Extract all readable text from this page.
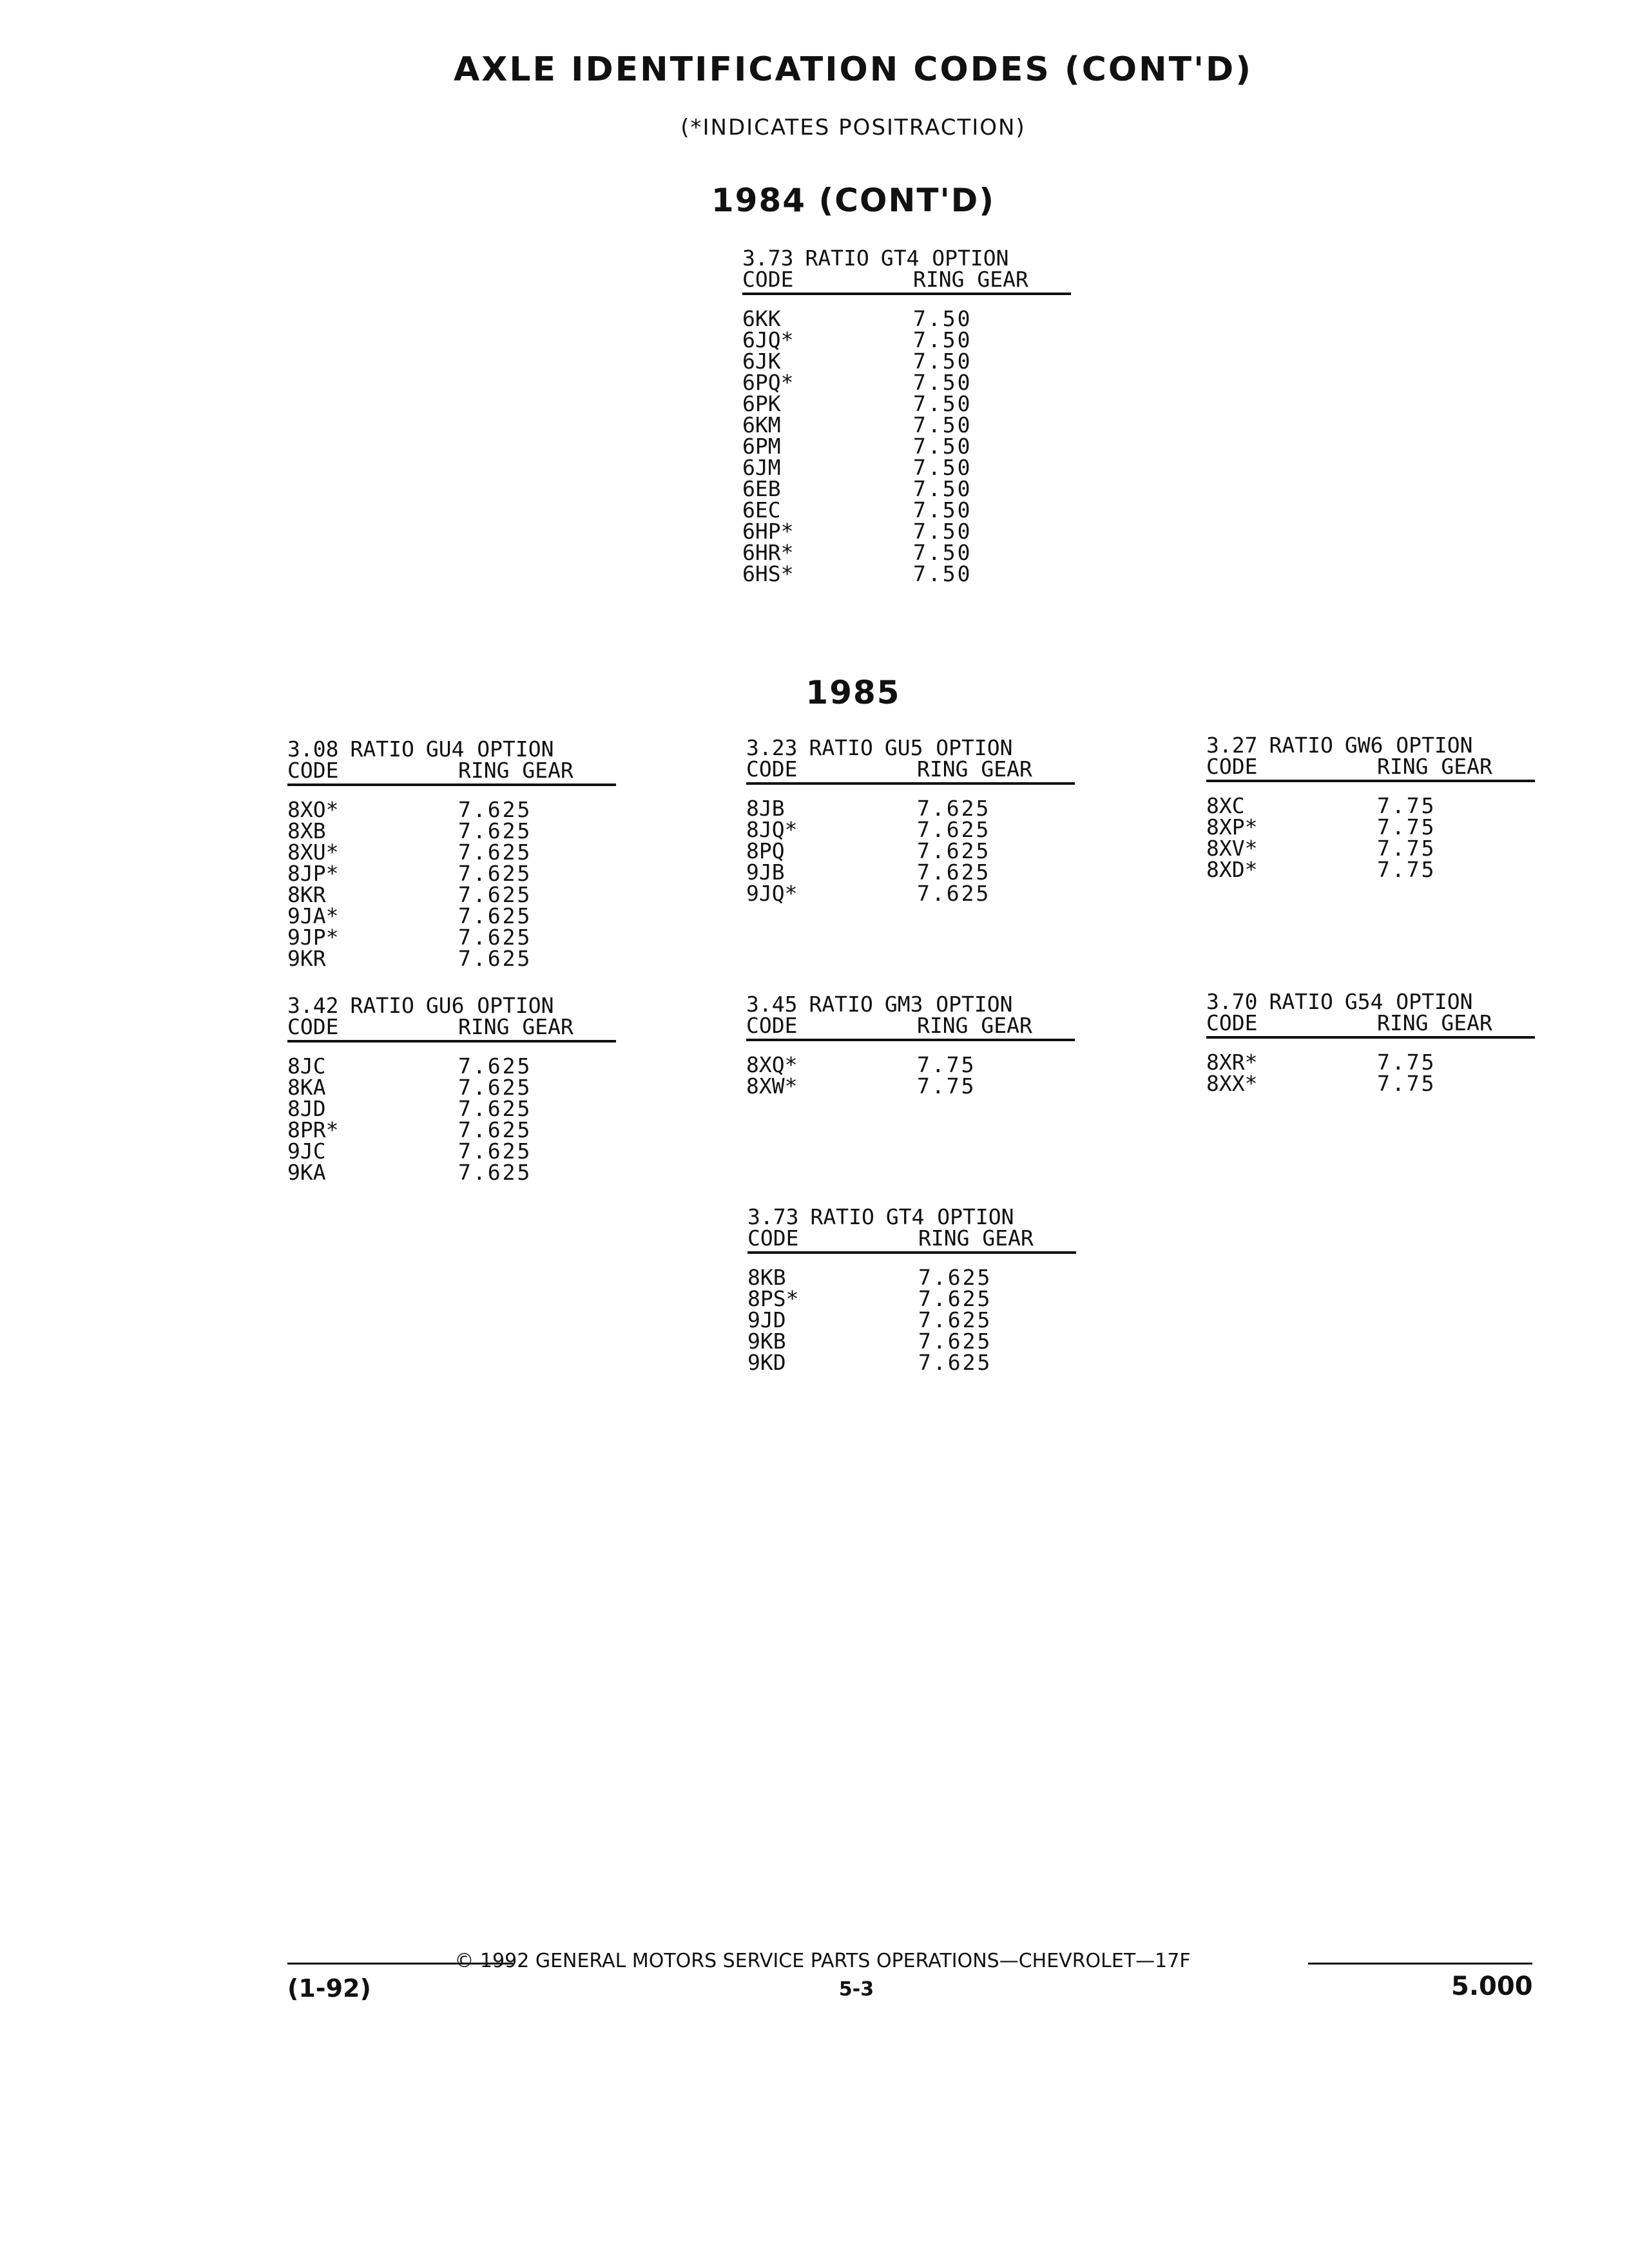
AXLE IDENTIFICATION CODES (CONT'D)
(*INDICATES POSITRACTION)
1984 (CONT'D)
3.73 RATIO GT4 OPTION
CODE	RING GEAR
6KK	7.50
6JQ*	7.50
6JK	7.50
6PQ*	7.50
6PK	7.50
6KM	7.50
6PM	7.50
6JM	7.50
6EB	7.50
6EC	7.50
6HP*	7.50
6HR*	7.50
6HS*	7.50
1985
3.08 RATIO GU4 OPTION
CODE	RING GEAR
8XO*	7.625
8XB	7.625
8XU*	7.625
8JP*	7.625
8KR	7.625
9JA*	7.625
9JP*	7.625
9KR	7.625
3.23 RATIO GU5 OPTION
CODE	RING GEAR
8JB	7.625
8JQ*	7.625
8PQ	7.625
9JB	7.625
9JQ*	7.625
3.27 RATIO GW6 OPTION
CODE	RING GEAR
8XC	7.75
8XP*	7.75
8XV*	7.75
8XD*	7.75
3.42 RATIO GU6 OPTION
CODE	RING GEAR
8JC	7.625
8KA	7.625
8JD	7.625
8PR*	7.625
9JC	7.625
9KA	7.625
3.45 RATIO GM3 OPTION
CODE	RING GEAR
8XQ*	7.75
8XW*	7.75
3.70 RATIO G54 OPTION
CODE	RING GEAR
8XR*	7.75
8XX*	7.75
3.73 RATIO GT4 OPTION
CODE	RING GEAR
8KB	7.625
8PS*	7.625
9JD	7.625
9KB	7.625
9KD	7.625
© 1992 GENERAL MOTORS SERVICE PARTS OPERATIONS—CHEVROLET—17F
(1-92)	5-3	5.000
